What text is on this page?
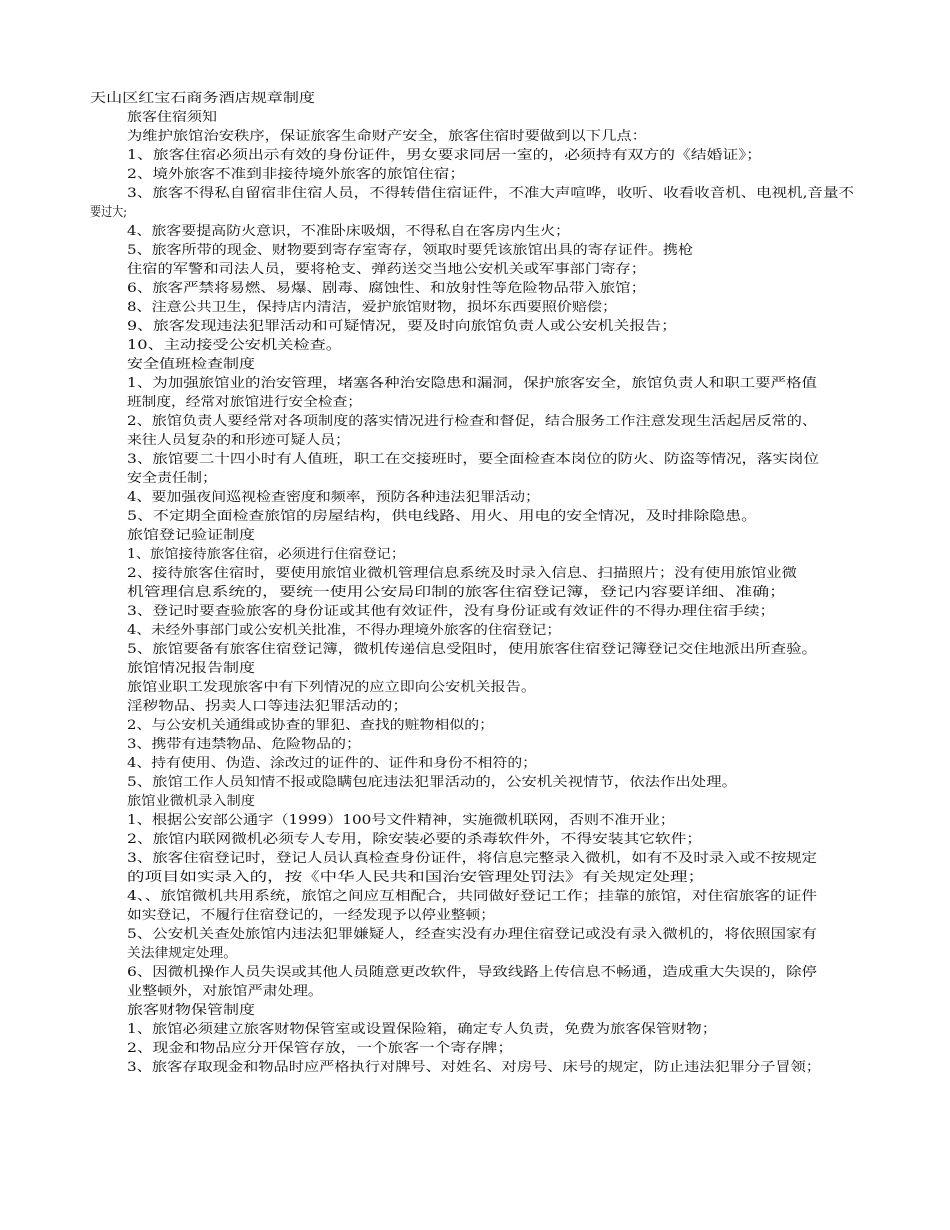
天山区红宝石商务酒店规章制度
旅客住宿须知
为维护旅馆治安秩序，保证旅客生命财产安全，旅客住宿时要做到以下几点：
1、旅客住宿必须出示有效的身份证件，男女要求同居一室的，必须持有双方的《结婚证》；
2、境外旅客不准到非接待境外旅客的旅馆住宿；
3、旅客不得私自留宿非住宿人员，不得转借住宿证件，不准大声喧哗，收听、收看收音机、电视机,音量不
要过大;
4、旅客要提高防火意识，不准卧床吸烟，不得私自在客房内生火；
5、旅客所带的现金、财物要到寄存室寄存，领取时要凭该旅馆出具的寄存证件。携枪
住宿的军警和司法人员，要将枪支、弹药送交当地公安机关或军事部门寄存；
6、旅客严禁将易燃、易爆、剧毒、腐蚀性、和放射性等危险物品带入旅馆；
8、注意公共卫生，保持店内清洁，爱护旅馆财物，损坏东西要照价赔偿；
9、旅客发现违法犯罪活动和可疑情况，要及时向旅馆负责人或公安机关报告；
10、主动接受公安机关检查。
安全值班检查制度
1、为加强旅馆业的治安管理，堵塞各种治安隐患和漏洞，保护旅客安全，旅馆负责人和职工要严格值
班制度，经常对旅馆进行安全检查；
2、旅馆负责人要经常对各项制度的落实情况进行检查和督促，结合服务工作注意发现生活起居反常的、
来往人员复杂的和形迹可疑人员；
3、旅馆要二十四小时有人值班，职工在交接班时，要全面检查本岗位的防火、防盗等情况，落实岗位
安全责任制；
4、要加强夜间巡视检查密度和频率，预防各种违法犯罪活动；
5、不定期全面检查旅馆的房屋结构，供电线路、用火、用电的安全情况，及时排除隐患。
旅馆登记验证制度
1、旅馆接待旅客住宿，必须进行住宿登记；
2、接待旅客住宿时，要使用旅馆业微机管理信息系统及时录入信息、扫描照片；没有使用旅馆业微
机管理信息系统的，要统一使用公安局印制的旅客住宿登记簿，登记内容要详细、准确；
3、登记时要查验旅客的身份证或其他有效证件，没有身份证或有效证件的不得办理住宿手续；
4、未经外事部门或公安机关批准，不得办理境外旅客的住宿登记；
5、旅馆要备有旅客住宿登记簿，微机传递信息受阻时，使用旅客住宿登记簿登记交住地派出所查验。
旅馆情况报告制度
旅馆业职工发现旅客中有下列情况的应立即向公安机关报告。
淫秽物品、拐卖人口等违法犯罪活动的；
2、与公安机关通缉或协查的罪犯、查找的赃物相似的；
3、携带有违禁物品、危险物品的；
4、持有使用、伪造、涂改过的证件的、证件和身份不相符的；
5、旅馆工作人员知情不报或隐瞒包庇违法犯罪活动的，公安机关视情节，依法作出处理。
旅馆业微机录入制度
1、根据公安部公通字（1999）100号文件精神，实施微机联网，否则不准开业；
2、旅馆内联网微机必须专人专用，除安装必要的杀毒软件外，不得安装其它软件；
3、旅客住宿登记时，登记人员认真检查身份证件，将信息完整录入微机，如有不及时录入或不按规定
的项目如实录入的，按《中华人民共和国治安管理处罚法》有关规定处理；
4、、旅馆微机共用系统，旅馆之间应互相配合，共同做好登记工作；挂靠的旅馆，对住宿旅客的证件
如实登记，不履行住宿登记的，一经发现予以停业整顿；
5、公安机关查处旅馆内违法犯罪嫌疑人，经查实没有办理住宿登记或没有录入微机的，将依照国家有
关法律规定处理。
6、因微机操作人员失误或其他人员随意更改软件，导致线路上传信息不畅通，造成重大失误的，除停
业整顿外，对旅馆严肃处理。
旅客财物保管制度
1、旅馆必须建立旅客财物保管室或设置保险箱，确定专人负责，免费为旅客保管财物；
2、现金和物品应分开保管存放，一个旅客一个寄存牌；
3、旅客存取现金和物品时应严格执行对牌号、对姓名、对房号、床号的规定，防止违法犯罪分子冒领；
